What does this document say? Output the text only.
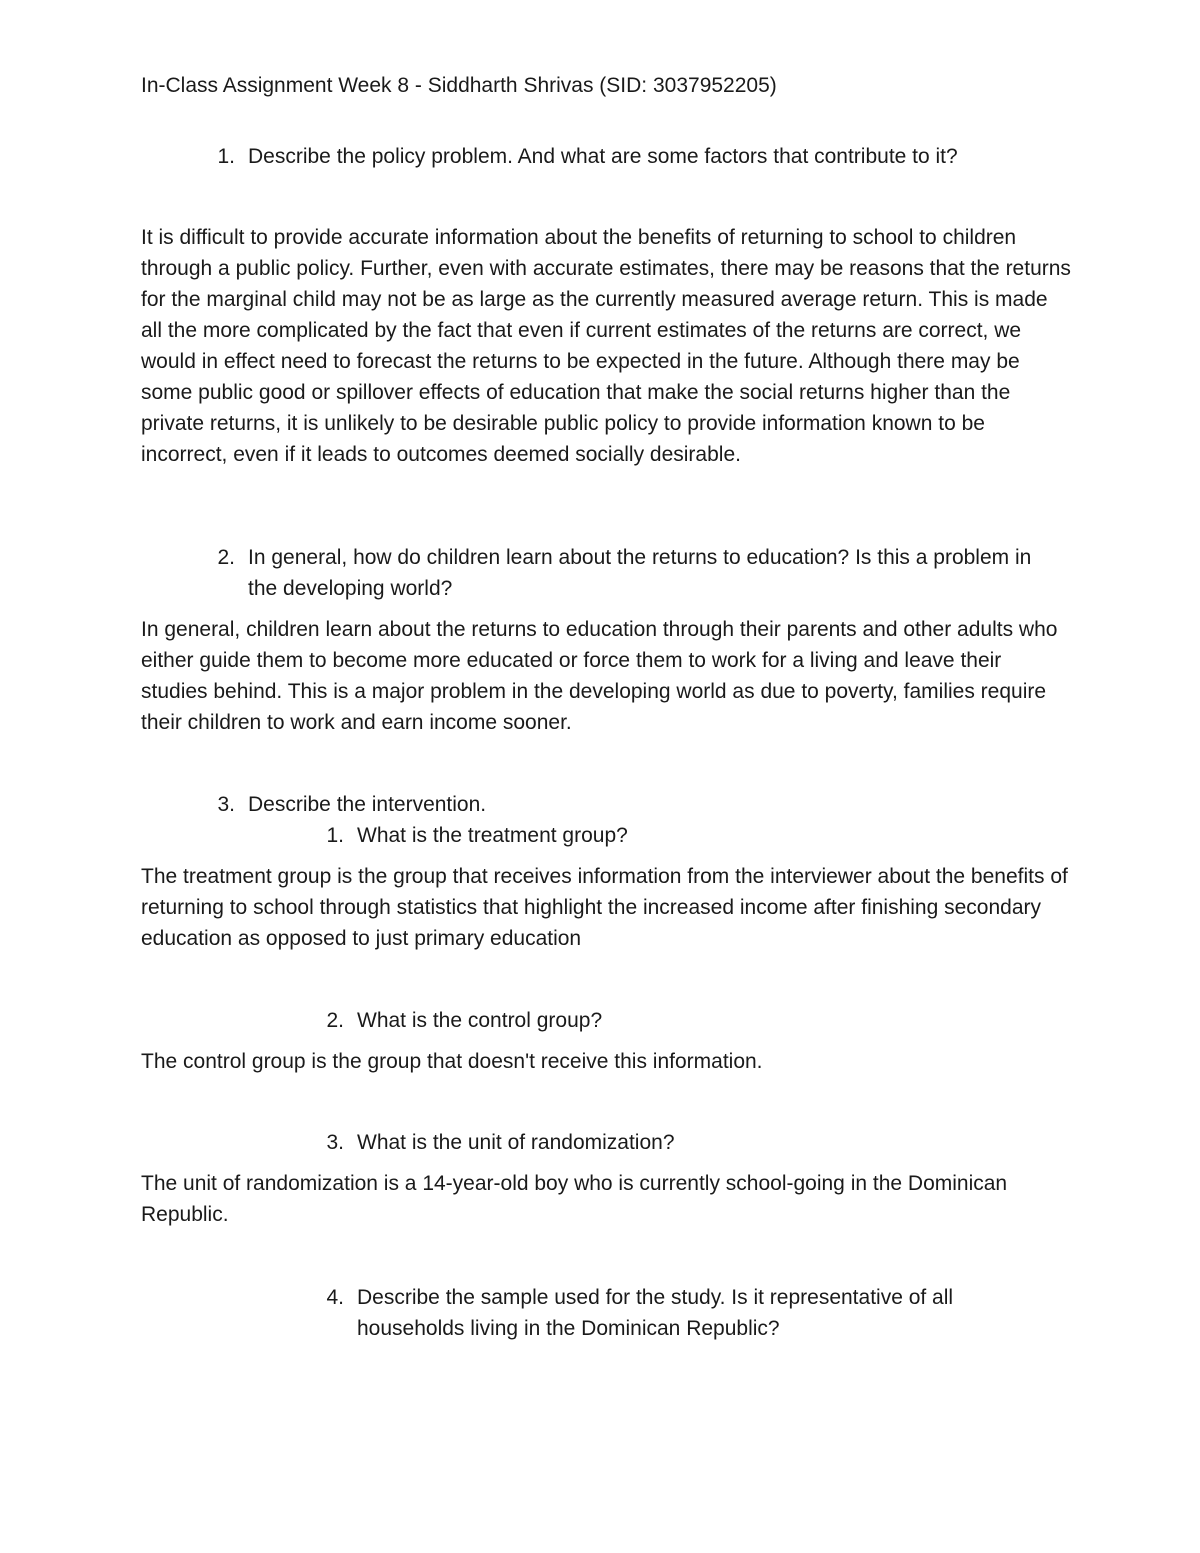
In-Class Assignment Week 8 - Siddharth Shrivas (SID: 3037952205)
1. Describe the policy problem. And what are some factors that contribute to it?
It is difficult to provide accurate information about the benefits of returning to school to children through a public policy. Further, even with accurate estimates, there may be reasons that the returns for the marginal child may not be as large as the currently measured average return. This is made all the more complicated by the fact that even if current estimates of the returns are correct, we would in effect need to forecast the returns to be expected in the future. Although there may be some public good or spillover effects of education that make the social returns higher than the private returns, it is unlikely to be desirable public policy to provide information known to be incorrect, even if it leads to outcomes deemed socially desirable.
2. In general, how do children learn about the returns to education? Is this a problem in the developing world?
In general, children learn about the returns to education through their parents and other adults who either guide them to become more educated or force them to work for a living and leave their studies behind. This is a major problem in the developing world as due to poverty, families require their children to work and earn income sooner.
3. Describe the intervention.
1. What is the treatment group?
The treatment group is the group that receives information from the interviewer about the benefits of returning to school through statistics that highlight the increased income after finishing secondary education as opposed to just primary education
2. What is the control group?
The control group is the group that doesn't receive this information.
3. What is the unit of randomization?
The unit of randomization is a 14-year-old boy who is currently school-going in the Dominican Republic.
4. Describe the sample used for the study. Is it representative of all households living in the Dominican Republic?
